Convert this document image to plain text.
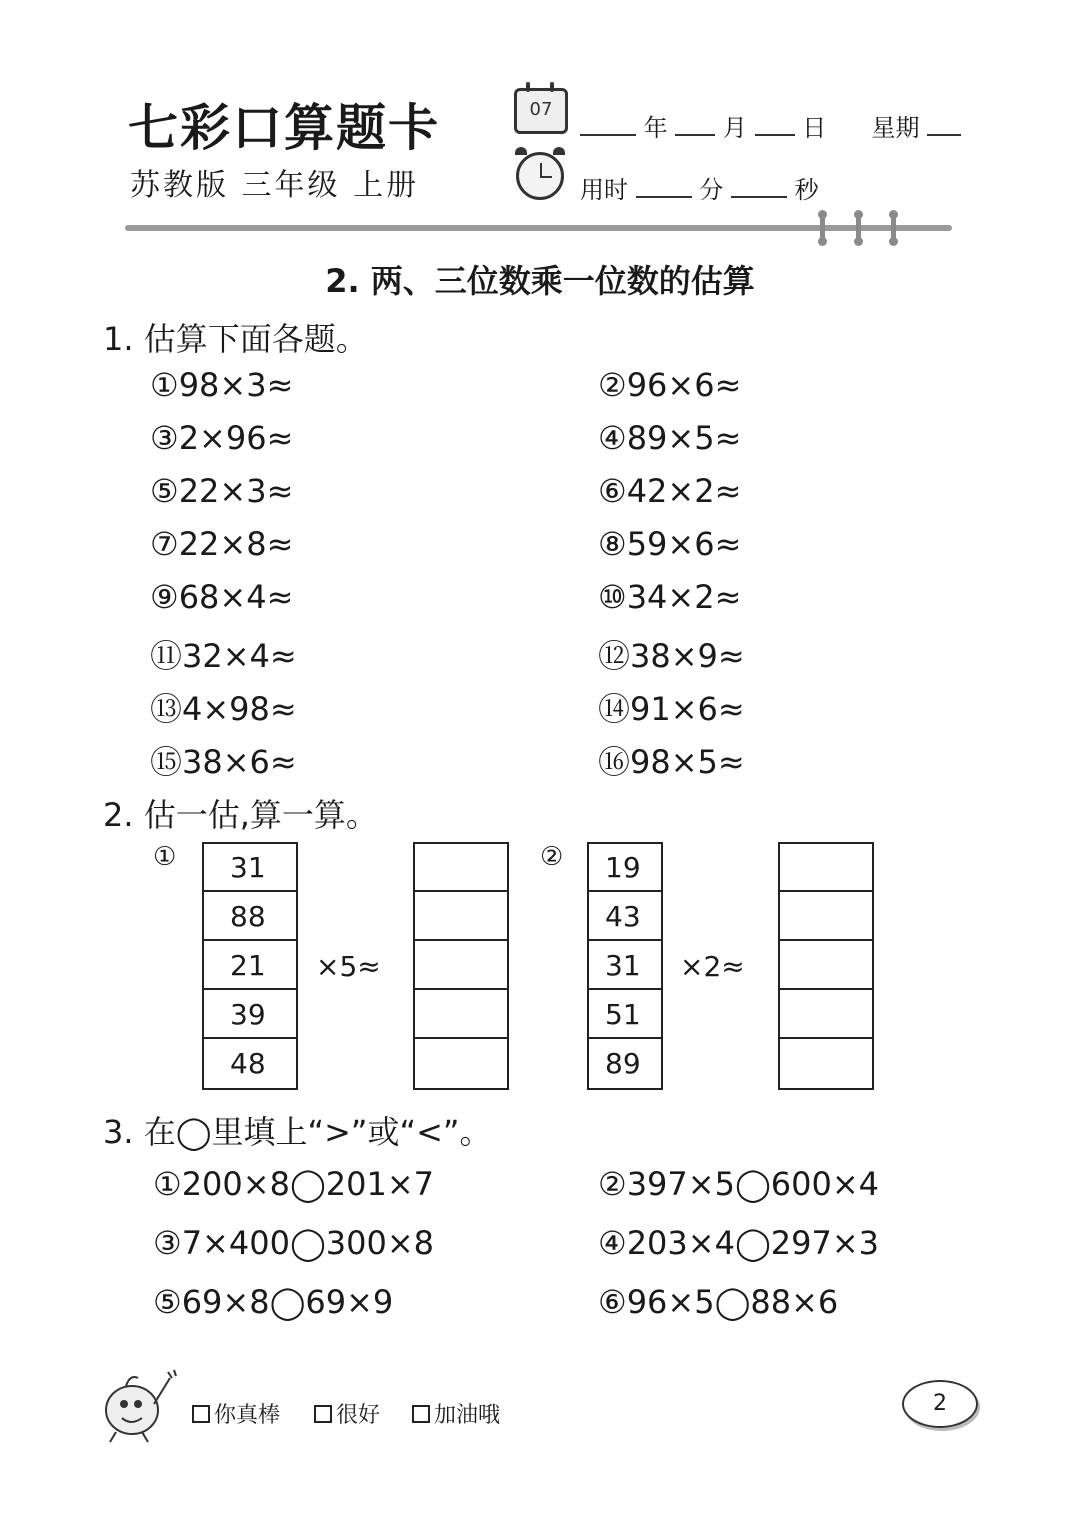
七彩口算题卡
苏教版 三年级 上册
07
年 月 日 星期
用时	分	秒
2. 两、三位数乘一位数的估算
1. 估算下面各题。
①98×3≈	②96×6≈
③2×96≈	④89×5≈
⑤22×3≈	⑥42×2≈
⑦22×8≈	⑧59×6≈
⑨68×4≈	⑩34×2≈
⑪32×4≈	⑫38×9≈
⑬4×98≈	⑭91×6≈
⑮38×6≈	⑯98×5≈
2. 估一估,算一算。
①	31
88
21
39
48
×5≈
②	19
43
31
51
89
×2≈
3. 在◯里填上“>”或“<”。
①200×8◯201×7	②397×5◯600×4
③7×400◯300×8	④203×4◯297×3
⑤69×8◯69×9	⑥96×5◯88×6
你真棒	很好 加油哦	2
